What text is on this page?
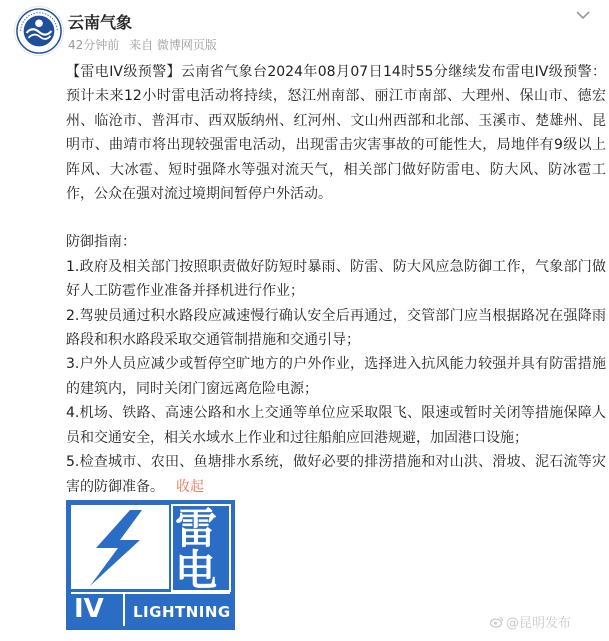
云南气象
42分钟前 来自 微博网页版

【雷电IV级预警】云南省气象台2024年08月07日14时55分继续发布雷电IV级预警：预计未来12小时雷电活动将持续，怒江州南部、丽江市南部、大理州、保山市、德宏州、临沧市、普洱市、西双版纳州、红河州、文山州西部和北部、玉溪市、楚雄州、昆明市、曲靖市将出现较强雷电活动，出现雷击灾害事故的可能性大，局地伴有9级以上阵风、大冰雹、短时强降水等强对流天气，相关部门做好防雷电、防大风、防冰雹工作，公众在强对流过境期间暂停户外活动。

防御指南：

1.政府及相关部门按照职责做好防短时暴雨、防雷、防大风应急防御工作，气象部门做好人工防雹作业准备并择机进行作业；

2.驾驶员通过积水路段应减速慢行确认安全后再通过，交管部门应当根据路况在强降雨路段和积水路段采取交通管制措施和交通引导；

3.户外人员应减少或暂停空旷地方的户外作业，选择进入抗风能力较强并具有防雷措施的建筑内，同时关闭门窗远离危险电源；

4.机场、铁路、高速公路和水上交通等单位应采取限飞、限速或暂时关闭等措施保障人员和交通安全，相关水域水上作业和过往船舶应回港规避，加固港口设施；

5.检查城市、农田、鱼塘排水系统，做好必要的排涝措施和对山洪、滑坡、泥石流等灾害的防御准备。 收起

雷
电
IV LIGHTNING
@昆明发布
